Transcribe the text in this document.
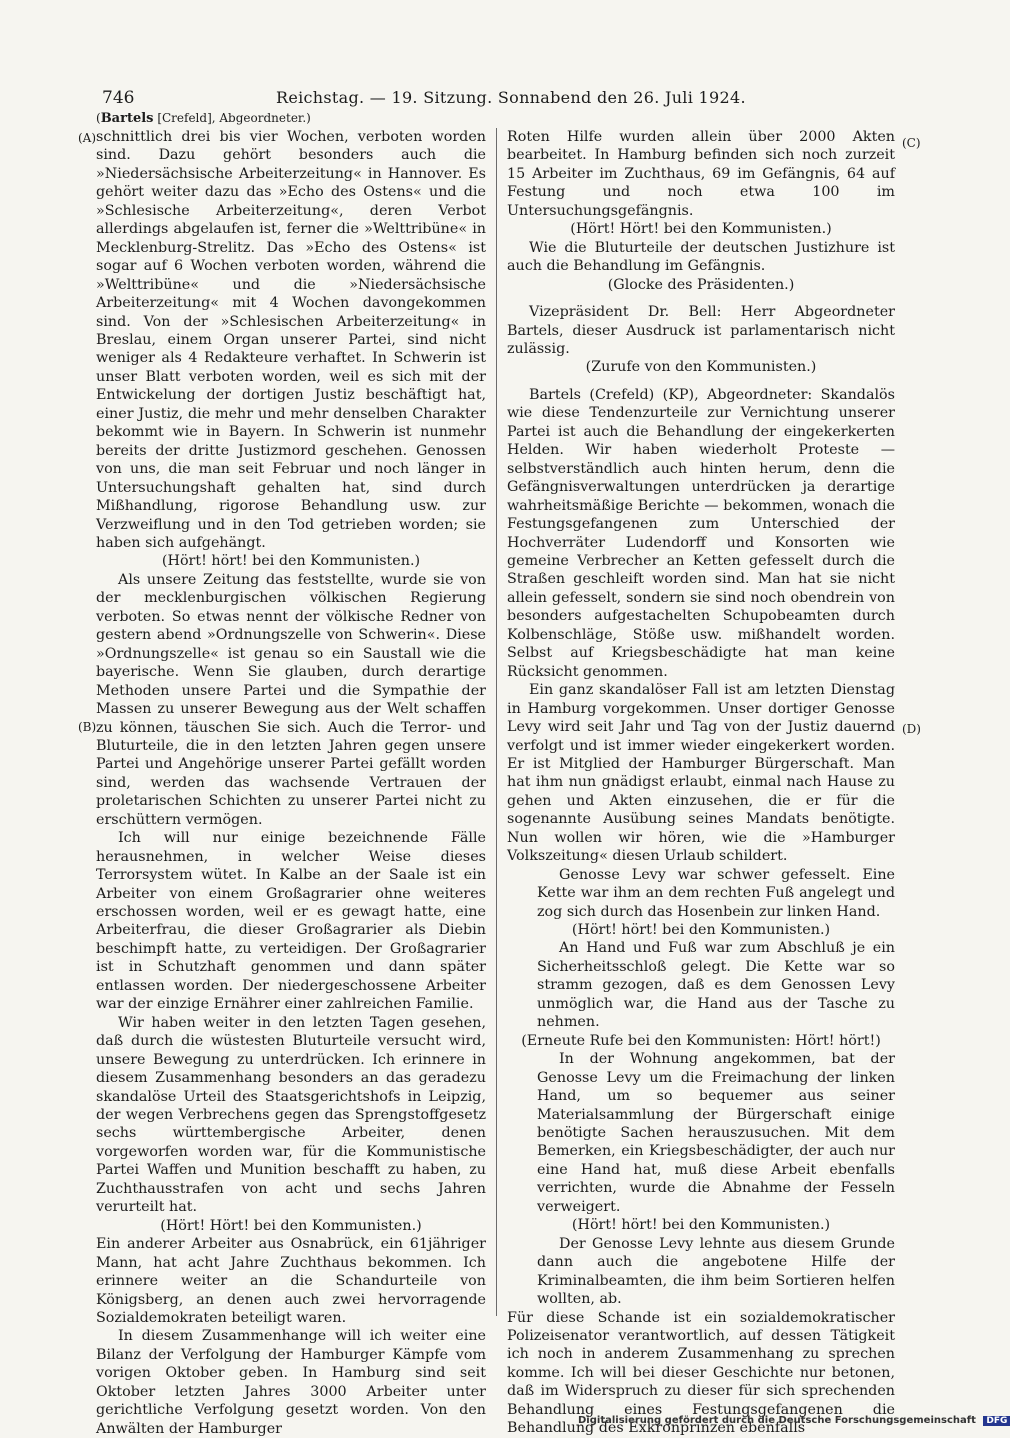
746	Reichstag. — 19. Sitzung. Sonnabend den 26. Juli 1924.
(Bartels [Crefeld], Abgeordneter.)
(A)
(B)
(C)
(D)

schnittlich drei bis vier Wochen, verboten worden sind. Dazu gehört besonders auch die »Niedersächsische Arbeiterzeitung« in Hannover. Es gehört weiter dazu das »Echo des Ostens« und die »Schlesische Arbeiterzeitung«, deren Verbot allerdings abgelaufen ist, ferner die »Welttribüne« in Mecklenburg-Strelitz. Das »Echo des Ostens« ist sogar auf 6 Wochen verboten worden, während die »Welttribüne« und die »Niedersächsische Arbeiterzeitung« mit 4 Wochen davongekommen sind. Von der »Schlesischen Arbeiterzeitung« in Breslau, einem Organ unserer Partei, sind nicht weniger als 4 Redakteure verhaftet. In Schwerin ist unser Blatt verboten worden, weil es sich mit der Entwickelung der dortigen Justiz beschäftigt hat, einer Justiz, die mehr und mehr denselben Charakter bekommt wie in Bayern. In Schwerin ist nunmehr bereits der dritte Justizmord geschehen. Genossen von uns, die man seit Februar und noch länger in Untersuchungshaft gehalten hat, sind durch Mißhandlung, rigorose Behandlung usw. zur Verzweiflung und in den Tod getrieben worden; sie haben sich aufgehängt.

(Hört! hört! bei den Kommunisten.)

Als unsere Zeitung das feststellte, wurde sie von der mecklenburgischen völkischen Regierung verboten. So etwas nennt der völkische Redner von gestern abend »Ordnungszelle von Schwerin«. Diese »Ordnungszelle« ist genau so ein Saustall wie die bayerische. Wenn Sie glauben, durch derartige Methoden unsere Partei und die Sympathie der Massen zu unserer Bewegung aus der Welt schaffen zu können, täuschen Sie sich. Auch die Terror- und Bluturteile, die in den letzten Jahren gegen unsere Partei und Angehörige unserer Partei gefällt worden sind, werden das wachsende Vertrauen der proletarischen Schichten zu unserer Partei nicht zu erschüttern vermögen.

Ich will nur einige bezeichnende Fälle herausnehmen, in welcher Weise dieses Terrorsystem wütet. In Kalbe an der Saale ist ein Arbeiter von einem Großagrarier ohne weiteres erschossen worden, weil er es gewagt hatte, eine Arbeiterfrau, die dieser Großagrarier als Diebin beschimpft hatte, zu verteidigen. Der Großagrarier ist in Schutzhaft genommen und dann später entlassen worden. Der niedergeschossene Arbeiter war der einzige Ernährer einer zahlreichen Familie.

Wir haben weiter in den letzten Tagen gesehen, daß durch die wüstesten Bluturteile versucht wird, unsere Bewegung zu unterdrücken. Ich erinnere in diesem Zusammenhang besonders an das geradezu skandalöse Urteil des Staatsgerichtshofs in Leipzig, der wegen Verbrechens gegen das Sprengstoffgesetz sechs württembergische Arbeiter, denen vorgeworfen worden war, für die Kommunistische Partei Waffen und Munition beschafft zu haben, zu Zuchthausstrafen von acht und sechs Jahren verurteilt hat.

(Hört! Hört! bei den Kommunisten.)

Ein anderer Arbeiter aus Osnabrück, ein 61jähriger Mann, hat acht Jahre Zuchthaus bekommen. Ich erinnere weiter an die Schandurteile von Königsberg, an denen auch zwei hervorragende Sozialdemokraten beteiligt waren.

In diesem Zusammenhange will ich weiter eine Bilanz der Verfolgung der Hamburger Kämpfe vom vorigen Oktober geben. In Hamburg sind seit Oktober letzten Jahres 3000 Arbeiter unter gerichtliche Verfolgung gesetzt worden. Von den Anwälten der Hamburger

Roten Hilfe wurden allein über 2000 Akten bearbeitet. In Hamburg befinden sich noch zurzeit 15 Arbeiter im Zuchthaus, 69 im Gefängnis, 64 auf Festung und noch etwa 100 im Untersuchungsgefängnis.

(Hört! Hört! bei den Kommunisten.)

Wie die Bluturteile der deutschen Justizhure ist auch die Behandlung im Gefängnis.

(Glocke des Präsidenten.)

Vizepräsident Dr. Bell: Herr Abgeordneter Bartels, dieser Ausdruck ist parlamentarisch nicht zulässig.

(Zurufe von den Kommunisten.)

Bartels (Crefeld) (KP), Abgeordneter: Skandalös wie diese Tendenzurteile zur Vernichtung unserer Partei ist auch die Behandlung der eingekerkerten Helden. Wir haben wiederholt Proteste — selbstverständlich auch hinten herum, denn die Gefängnisverwaltungen unterdrücken ja derartige wahrheitsmäßige Berichte — bekommen, wonach die Festungsgefangenen zum Unterschied der Hochverräter Ludendorff und Konsorten wie gemeine Verbrecher an Ketten gefesselt durch die Straßen geschleift worden sind. Man hat sie nicht allein gefesselt, sondern sie sind noch obendrein von besonders aufgestachelten Schupobeamten durch Kolbenschläge, Stöße usw. mißhandelt worden. Selbst auf Kriegsbeschädigte hat man keine Rücksicht genommen.

Ein ganz skandalöser Fall ist am letzten Dienstag in Hamburg vorgekommen. Unser dortiger Genosse Levy wird seit Jahr und Tag von der Justiz dauernd verfolgt und ist immer wieder eingekerkert worden. Er ist Mitglied der Hamburger Bürgerschaft. Man hat ihm nun gnädigst erlaubt, einmal nach Hause zu gehen und Akten einzusehen, die er für die sogenannte Ausübung seines Mandats benötigte. Nun wollen wir hören, wie die »Hamburger Volkszeitung« diesen Urlaub schildert.

Genosse Levy war schwer gefesselt. Eine Kette war ihm an dem rechten Fuß angelegt und zog sich durch das Hosenbein zur linken Hand.

(Hört! hört! bei den Kommunisten.)

An Hand und Fuß war zum Abschluß je ein Sicherheitsschloß gelegt. Die Kette war so stramm gezogen, daß es dem Genossen Levy unmöglich war, die Hand aus der Tasche zu nehmen.

(Erneute Rufe bei den Kommunisten: Hört! hört!)

In der Wohnung angekommen, bat der Genosse Levy um die Freimachung der linken Hand, um so bequemer aus seiner Materialsammlung der Bürgerschaft einige benötigte Sachen herauszusuchen. Mit dem Bemerken, ein Kriegsbeschädigter, der auch nur eine Hand hat, muß diese Arbeit ebenfalls verrichten, wurde die Abnahme der Fesseln verweigert.

(Hört! hört! bei den Kommunisten.)

Der Genosse Levy lehnte aus diesem Grunde dann auch die angebotene Hilfe der Kriminalbeamten, die ihm beim Sortieren helfen wollten, ab.

Für diese Schande ist ein sozialdemokratischer Polizeisenator verantwortlich, auf dessen Tätigkeit ich noch in anderem Zusammenhang zu sprechen komme. Ich will bei dieser Geschichte nur betonen, daß im Widerspruch zu dieser für sich sprechenden Behandlung eines Festungsgefangenen die Behandlung des Exkronprinzen ebenfalls

Digitalisierung gefördert durch die Deutsche Forschungsgemeinschaft DFG
